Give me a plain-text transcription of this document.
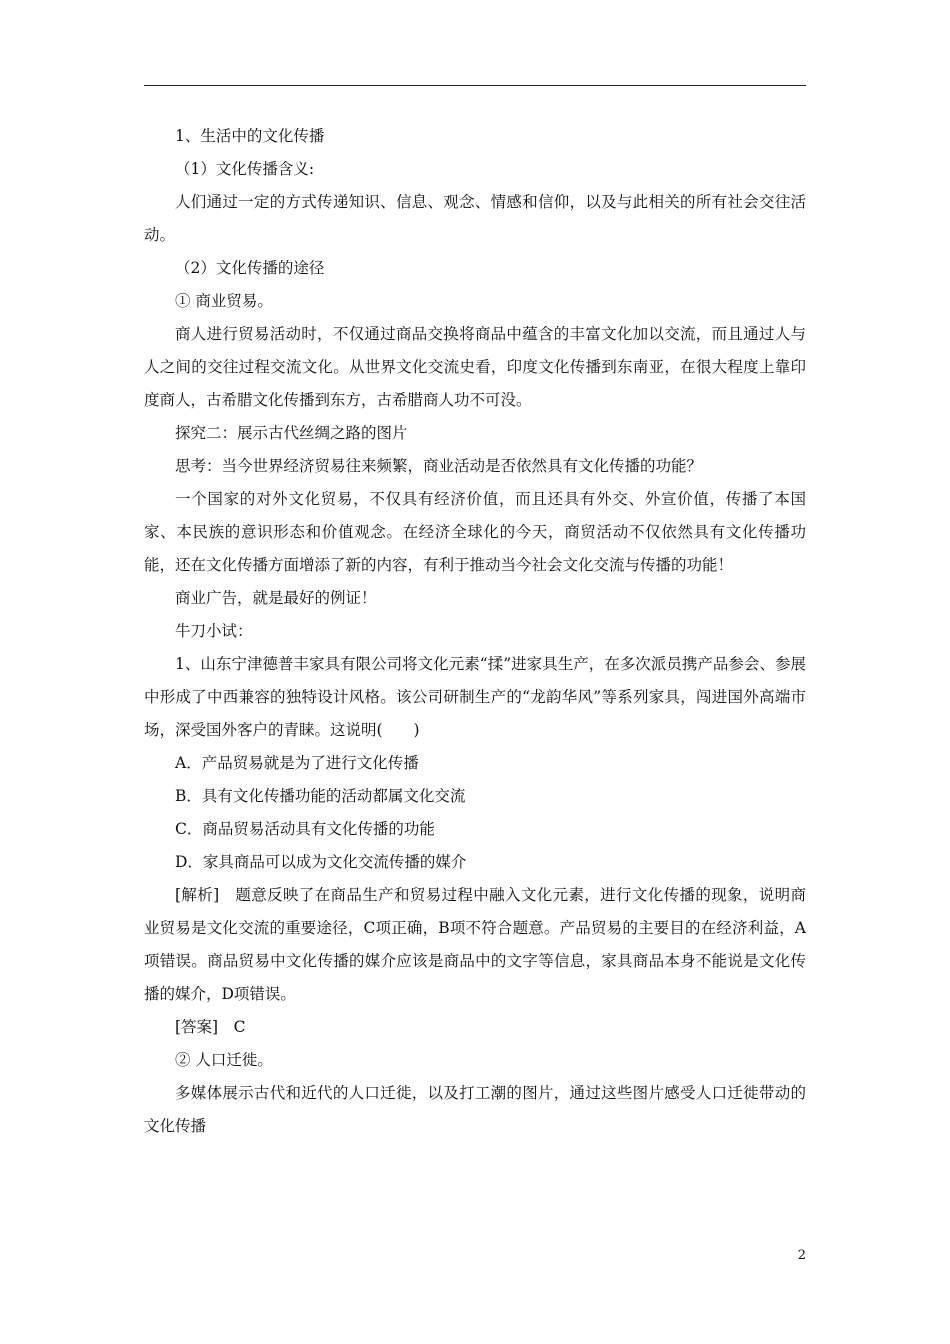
1、生活中的文化传播

（1）文化传播含义:

人们通过一定的方式传递知识、信息、观念、情感和信仰，以及与此相关的所有社会交往活动。

（2）文化传播的途径

① 商业贸易。

商人进行贸易活动时，不仅通过商品交换将商品中蕴含的丰富文化加以交流，而且通过人与人之间的交往过程交流文化。从世界文化交流史看，印度文化传播到东南亚，在很大程度上靠印度商人，古希腊文化传播到东方，古希腊商人功不可没。

探究二：展示古代丝绸之路的图片

思考：当今世界经济贸易往来频繁，商业活动是否依然具有文化传播的功能？

一个国家的对外文化贸易，不仅具有经济价值，而且还具有外交、外宣价值，传播了本国家、本民族的意识形态和价值观念。在经济全球化的今天，商贸活动不仅依然具有文化传播功能，还在文化传播方面增添了新的内容，有利于推动当今社会文化交流与传播的功能！

商业广告，就是最好的例证！

牛刀小试：

1、山东宁津德普丰家具有限公司将文化元素“揉”进家具生产，在多次派员携产品参会、参展中形成了中西兼容的独特设计风格。该公司研制生产的“龙韵华风”等系列家具，闯进国外高端市场，深受国外客户的青睐。这说明(　　)

A．产品贸易就是为了进行文化传播

B．具有文化传播功能的活动都属文化交流

C．商品贸易活动具有文化传播的功能

D．家具商品可以成为文化交流传播的媒介

[解析]　题意反映了在商品生产和贸易过程中融入文化元素，进行文化传播的现象，说明商业贸易是文化交流的重要途径，C项正确，B项不符合题意。产品贸易的主要目的在经济利益，A项错误。商品贸易中文化传播的媒介应该是商品中的文字等信息，家具商品本身不能说是文化传播的媒介，D项错误。

[答案]　C

② 人口迁徙。

多媒体展示古代和近代的人口迁徙，以及打工潮的图片，通过这些图片感受人口迁徙带动的文化传播

2
